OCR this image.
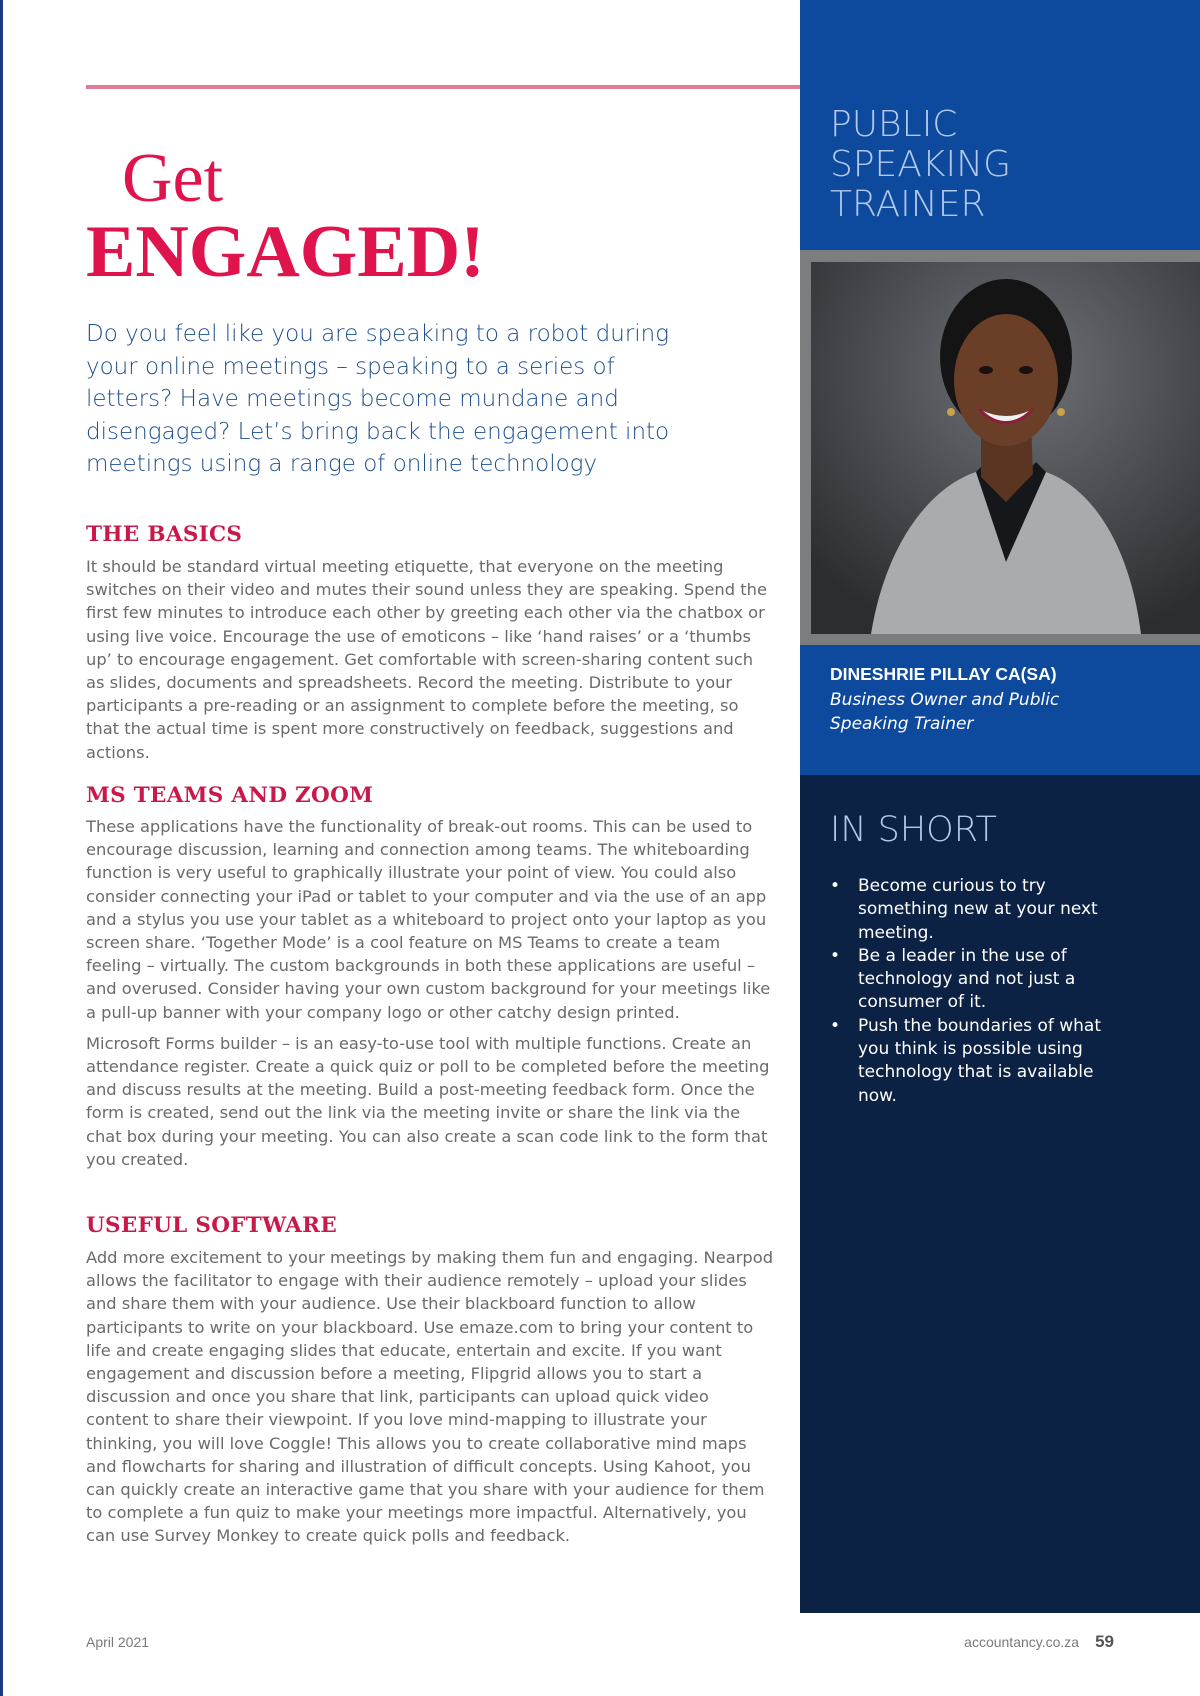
PUBLIC
SPEAKING
TRAINER
DINESHRIE PILLAY CA(SA)
Business Owner and Public
Speaking Trainer
IN SHORT
• Become curious to try something new at your next meeting.
• Be a leader in the use of technology and not just a consumer of it.
• Push the boundaries of what you think is possible using technology that is available now.
Get
ENGAGED!
Do you feel like you are speaking to a robot during your online meetings – speaking to a series of letters? Have meetings become mundane and disengaged? Let’s bring back the engagement into meetings using a range of online technology
THE BASICS

It should be standard virtual meeting etiquette, that everyone on the meeting switches on their video and mutes their sound unless they are speaking. Spend the first few minutes to introduce each other by greeting each other via the chatbox or using live voice. Encourage the use of emoticons – like ‘hand raises’ or a ‘thumbs up’ to encourage engagement. Get comfortable with screen-sharing content such as slides, documents and spreadsheets. Record the meeting. Distribute to your participants a pre-reading or an assignment to complete before the meeting, so that the actual time is spent more constructively on feedback, suggestions and actions.

MS TEAMS AND ZOOM

These applications have the functionality of break-out rooms. This can be used to encourage discussion, learning and connection among teams. The whiteboarding function is very useful to graphically illustrate your point of view. You could also consider connecting your iPad or tablet to your computer and via the use of an app and a stylus you use your tablet as a whiteboard to project onto your laptop as you screen share. ‘Together Mode’ is a cool feature on MS Teams to create a team feeling – virtually. The custom backgrounds in both these applications are useful – and overused. Consider having your own custom background for your meetings like a pull-up banner with your company logo or other catchy design printed.

Microsoft Forms builder – is an easy-to-use tool with multiple functions. Create an attendance register. Create a quick quiz or poll to be completed before the meeting and discuss results at the meeting. Build a post-meeting feedback form. Once the form is created, send out the link via the meeting invite or share the link via the chat box during your meeting. You can also create a scan code link to the form that you created.

USEFUL SOFTWARE

Add more excitement to your meetings by making them fun and engaging. Nearpod allows the facilitator to engage with their audience remotely – upload your slides and share them with your audience. Use their blackboard function to allow participants to write on your blackboard. Use emaze.com to bring your content to life and create engaging slides that educate, entertain and excite. If you want engagement and discussion before a meeting, Flipgrid allows you to start a discussion and once you share that link, participants can upload quick video content to share their viewpoint. If you love mind-mapping to illustrate your thinking, you will love Coggle! This allows you to create collaborative mind maps and flowcharts for sharing and illustration of difficult concepts. Using Kahoot, you can quickly create an interactive game that you share with your audience for them to complete a fun quiz to make your meetings more impactful. Alternatively, you can use Survey Monkey to create quick polls and feedback.

April 2021	accountancy.co.za 59
